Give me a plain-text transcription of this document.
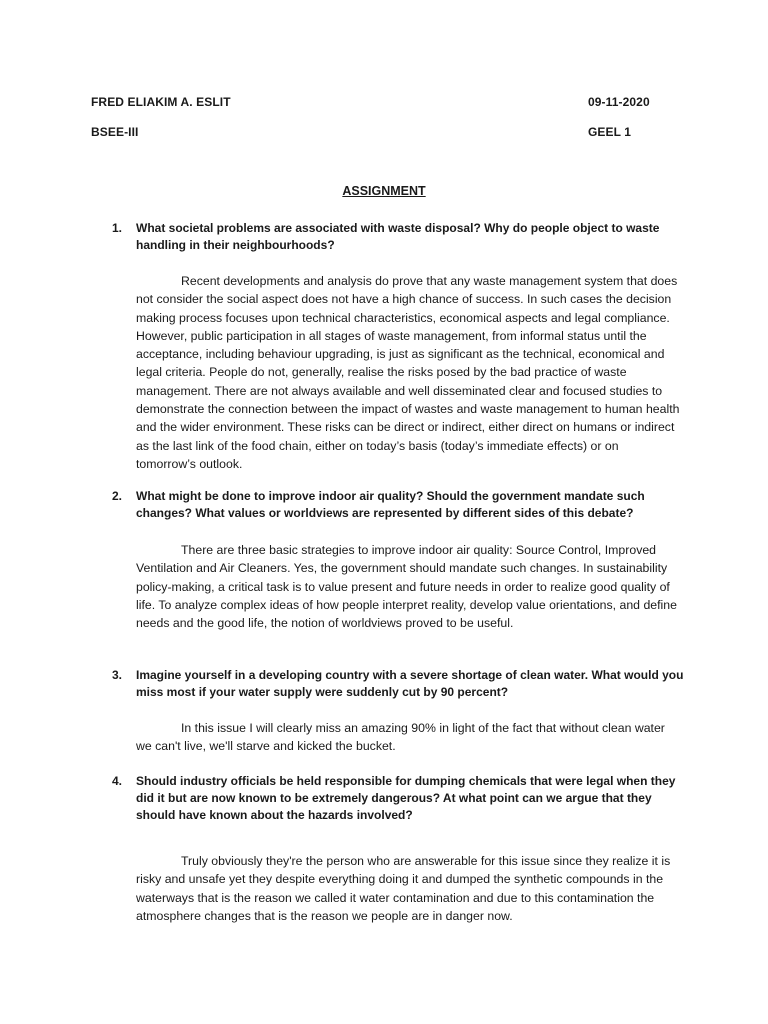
FRED ELIAKIM A. ESLIT	09-11-2020
BSEE-III	GEEL 1
ASSIGNMENT
1. What societal problems are associated with waste disposal? Why do people object to waste handling in their neighbourhoods?
Recent developments and analysis do prove that any waste management system that does not consider the social aspect does not have a high chance of success. In such cases the decision making process focuses upon technical characteristics, economical aspects and legal compliance. However, public participation in all stages of waste management, from informal status until the acceptance, including behaviour upgrading, is just as significant as the technical, economical and legal criteria. People do not, generally, realise the risks posed by the bad practice of waste management. There are not always available and well disseminated clear and focused studies to demonstrate the connection between the impact of wastes and waste management to human health and the wider environment. These risks can be direct or indirect, either direct on humans or indirect as the last link of the food chain, either on today’s basis (today’s immediate effects) or on tomorrow’s outlook.
2. What might be done to improve indoor air quality? Should the government mandate such changes? What values or worldviews are represented by different sides of this debate?
There are three basic strategies to improve indoor air quality: Source Control, Improved Ventilation and Air Cleaners. Yes, the government should mandate such changes. In sustainability policy-making, a critical task is to value present and future needs in order to realize good quality of life. To analyze complex ideas of how people interpret reality, develop value orientations, and define needs and the good life, the notion of worldviews proved to be useful.
3. Imagine yourself in a developing country with a severe shortage of clean water. What would you miss most if your water supply were suddenly cut by 90 percent?
In this issue I will clearly miss an amazing 90% in light of the fact that without clean water we can't live, we'll starve and kicked the bucket.
4. Should industry officials be held responsible for dumping chemicals that were legal when they did it but are now known to be extremely dangerous? At what point can we argue that they should have known about the hazards involved?
Truly obviously they're the person who are answerable for this issue since they realize it is risky and unsafe yet they despite everything doing it and dumped the synthetic compounds in the waterways that is the reason we called it water contamination and due to this contamination the atmosphere changes that is the reason we people are in danger now.
